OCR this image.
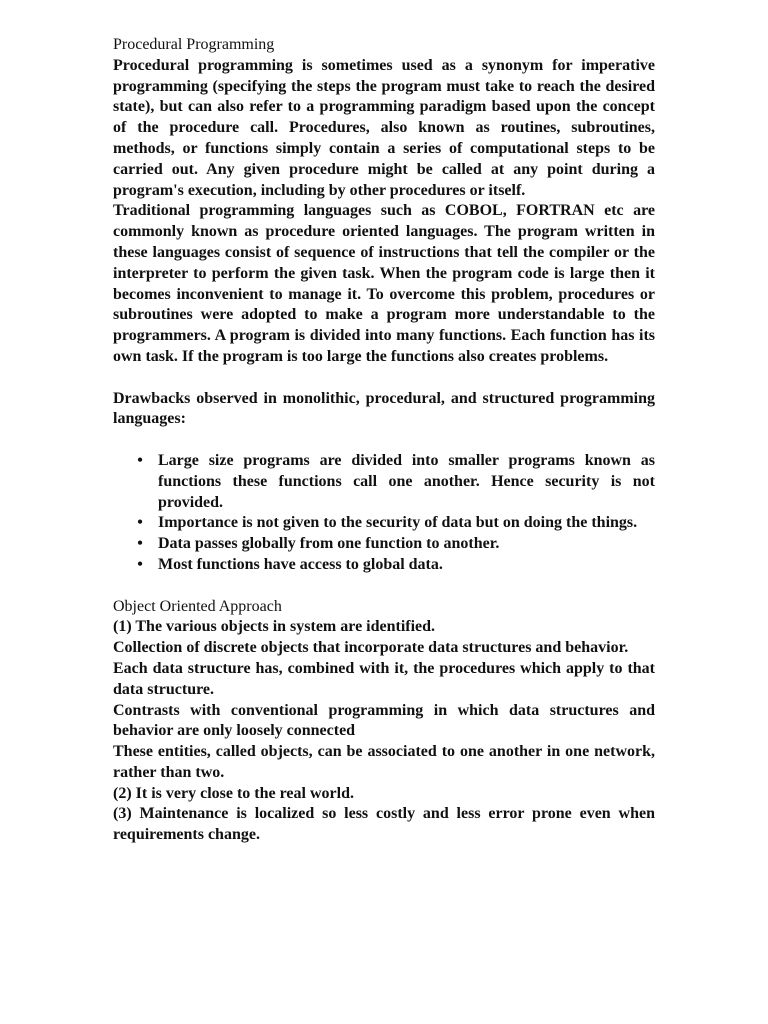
Procedural Programming

Procedural programming is sometimes used as a synonym for imperative programming (specifying the steps the program must take to reach the desired state), but can also refer to a programming paradigm based upon the concept of the procedure call. Procedures, also known as routines, subroutines, methods, or functions simply contain a series of computational steps to be carried out. Any given procedure might be called at any point during a program's execution, including by other procedures or itself.

Traditional programming languages such as COBOL, FORTRAN etc are commonly known as procedure oriented languages. The program written in these languages consist of sequence of instructions that tell the compiler or the interpreter to perform the given task. When the program code is large then it becomes inconvenient to manage it. To overcome this problem, procedures or subroutines were adopted to make a program more understandable to the programmers. A program is divided into many functions. Each function has its own task. If the program is too large the functions also creates problems.

Drawbacks observed in monolithic, procedural, and structured programming languages:

• Large size programs are divided into smaller programs known as functions these functions call one another. Hence security is not provided.
• Importance is not given to the security of data but on doing the things.
• Data passes globally from one function to another.
• Most functions have access to global data.

Object Oriented Approach

(1) The various objects in system are identified.

Collection of discrete objects that incorporate data structures and behavior.

Each data structure has, combined with it, the procedures which apply to that data structure.

Contrasts with conventional programming in which data structures and behavior are only loosely connected

These entities, called objects, can be associated to one another in one network, rather than two.

(2) It is very close to the real world.

(3) Maintenance is localized so less costly and less error prone even when requirements change.
